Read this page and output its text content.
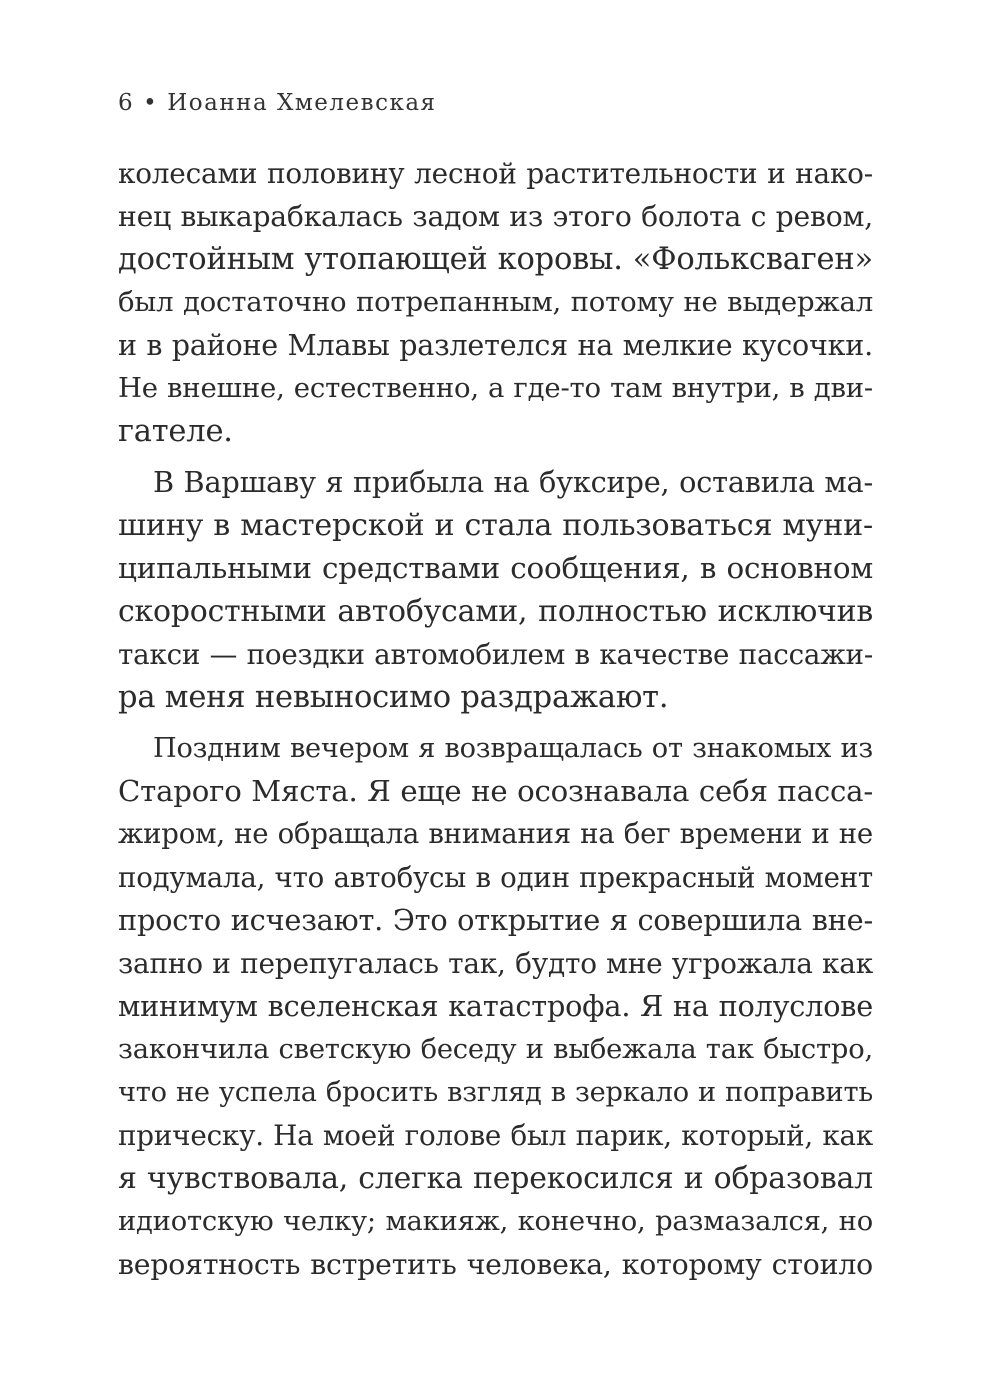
6 • Иоанна Хмелевская
колесами половину лесной растительности и нако-
нец выкарабкалась задом из этого болота с ревом,
достойным утопающей коровы. «Фольксваген»
был достаточно потрепанным, потому не выдержал
и в районе Млавы разлетелся на мелкие кусочки.
Не внешне, естественно, а где-то там внутри, в дви-
гателе.
В Варшаву я прибыла на буксире, оставила ма-
шину в мастерской и стала пользоваться муни-
ципальными средствами сообщения, в основном
скоростными автобусами, полностью исключив
такси — поездки автомобилем в качестве пассажи-
ра меня невыносимо раздражают.
Поздним вечером я возвращалась от знакомых из
Старого Мяста. Я еще не осознавала себя пасса-
жиром, не обращала внимания на бег времени и не
подумала, что автобусы в один прекрасный момент
просто исчезают. Это открытие я совершила вне-
запно и перепугалась так, будто мне угрожала как
минимум вселенская катастрофа. Я на полуслове
закончила светскую беседу и выбежала так быстро,
что не успела бросить взгляд в зеркало и поправить
прическу. На моей голове был парик, который, как
я чувствовала, слегка перекосился и образовал
идиотскую челку; макияж, конечно, размазался, но
вероятность встретить человека, которому стоило
